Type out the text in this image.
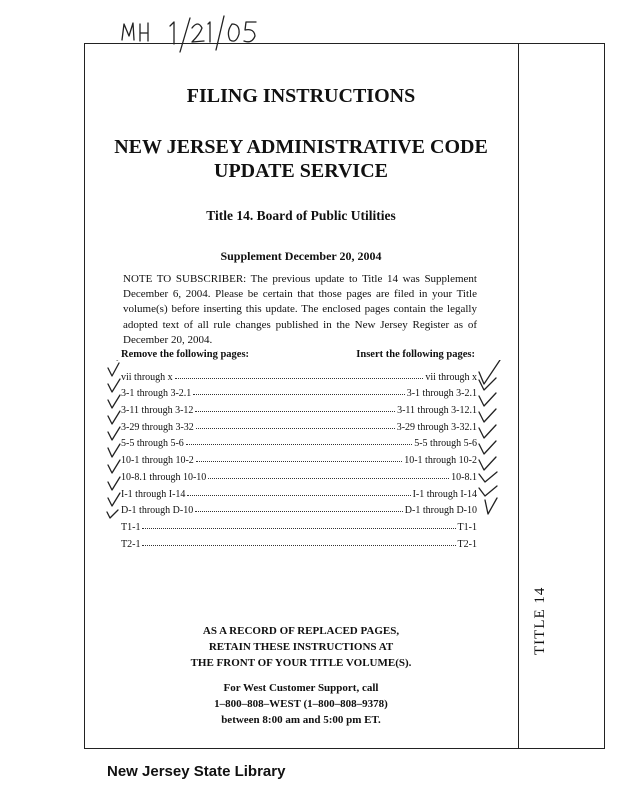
TITLE 14
FILING INSTRUCTIONS
NEW JERSEY ADMINISTRATIVE CODE
UPDATE SERVICE
Title 14. Board of Public Utilities
Supplement December 20, 2004
NOTE TO SUBSCRIBER: The previous update to Title 14 was Supplement December 6, 2004. Please be certain that those pages are filed in your Title volume(s) before inserting this update. The enclosed pages contain the legally adopted text of all rule changes published in the New Jersey Register as of December 20, 2004.
Remove the following pages:	Insert the following pages:
vii through x	vii through x
3-1 through 3-2.1	3-1 through 3-2.1
3-11 through 3-12	3-11 through 3-12.1
3-29 through 3-32	3-29 through 3-32.1
5-5 through 5-6	5-5 through 5-6
10-1 through 10-2	10-1 through 10-2
10-8.1 through 10-10	10-8.1
I-1 through I-14	I-1 through I-14
D-1 through D-10	D-1 through D-10
T1-1	T1-1
T2-1	T2-1
AS A RECORD OF REPLACED PAGES,
RETAIN THESE INSTRUCTIONS AT
THE FRONT OF YOUR TITLE VOLUME(S).
For West Customer Support, call
1–800–808–WEST (1–800–808–9378)
between 8:00 am and 5:00 pm ET.
New Jersey State Library
